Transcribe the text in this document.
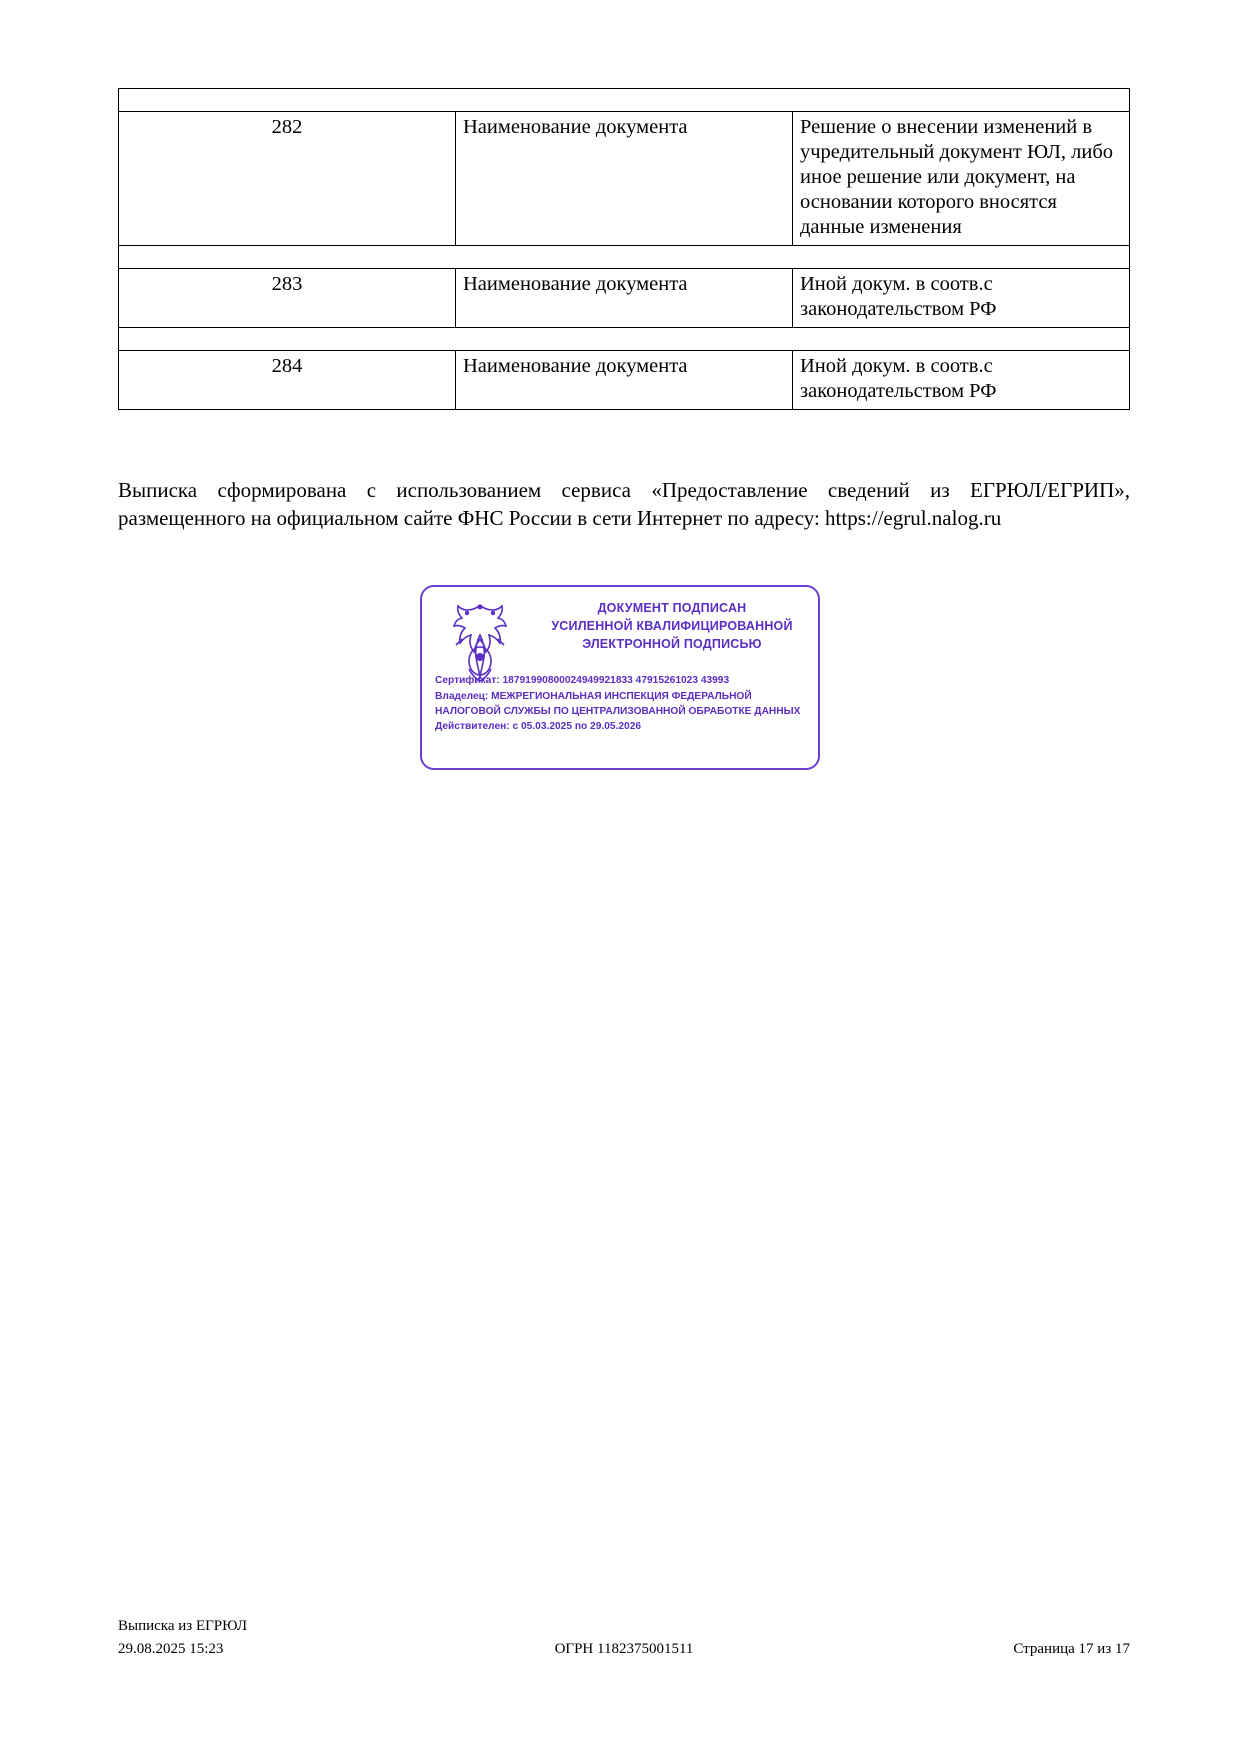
282	Наименование документа	Решение о внесении изменений в учредительный документ ЮЛ, либо иное решение или документ, на основании которого вносятся данные изменения

283	Наименование документа	Иной докум. в соотв.с законодательством РФ

284	Наименование документа	Иной докум. в соотв.с законодательством РФ
Выписка сформирована с использованием сервиса «Предоставление сведений из ЕГРЮЛ/ЕГРИП», размещенного на официальном сайте ФНС России в сети Интернет по адресу: https://egrul.nalog.ru
ДОКУМЕНТ ПОДПИСАН
УСИЛЕННОЙ КВАЛИФИЦИРОВАННОЙ
ЭЛЕКТРОННОЙ ПОДПИСЬЮ
Сертификат: 18791990800024949921833 47915261023 43993
Владелец: МЕЖРЕГИОНАЛЬНАЯ ИНСПЕКЦИЯ ФЕДЕРАЛЬНОЙ НАЛОГОВОЙ СЛУЖБЫ ПО ЦЕНТРАЛИЗОВАННОЙ ОБРАБОТКЕ ДАННЫХ
Действителен: с 05.03.2025 по 29.05.2026
Выписка из ЕГРЮЛ
29.08.2025 15:23	ОГРН 1182375001511	Страница 17 из 17
